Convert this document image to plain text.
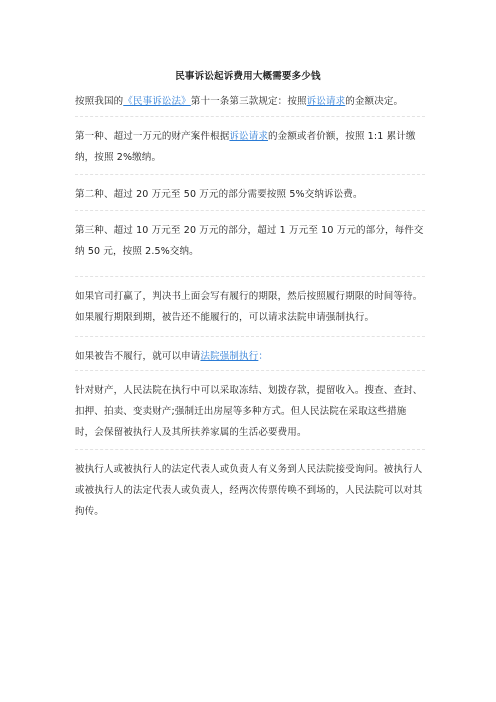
民事诉讼起诉费用大概需要多少钱
按照我国的《民事诉讼法》第十一条第三款规定：按照诉讼请求的金额决定。
第一种、超过一万元的财产案件根据诉讼请求的金额或者价额，按照 1:1 累计缴纳，按照 2%缴纳。
第二种、超过 20 万元至 50 万元的部分需要按照 5%交纳诉讼费。
第三种、超过 10 万元至 20 万元的部分，超过 1 万元至 10 万元的部分，每件交纳 50 元，按照 2.5%交纳。
如果官司打赢了，判决书上面会写有履行的期限，然后按照履行期限的时间等待。如果履行期限到期，被告还不能履行的，可以请求法院申请强制执行。
如果被告不履行，就可以申请法院强制执行：
针对财产，人民法院在执行中可以采取冻结、划拨存款，提留收入。搜查、查封、扣押、拍卖、变卖财产;强制迁出房屋等多种方式。但人民法院在采取这些措施时，会保留被执行人及其所扶养家属的生活必要费用。
被执行人或被执行人的法定代表人或负责人有义务到人民法院接受询问。被执行人或被执行人的法定代表人或负责人，经两次传票传唤不到场的，人民法院可以对其拘传。
